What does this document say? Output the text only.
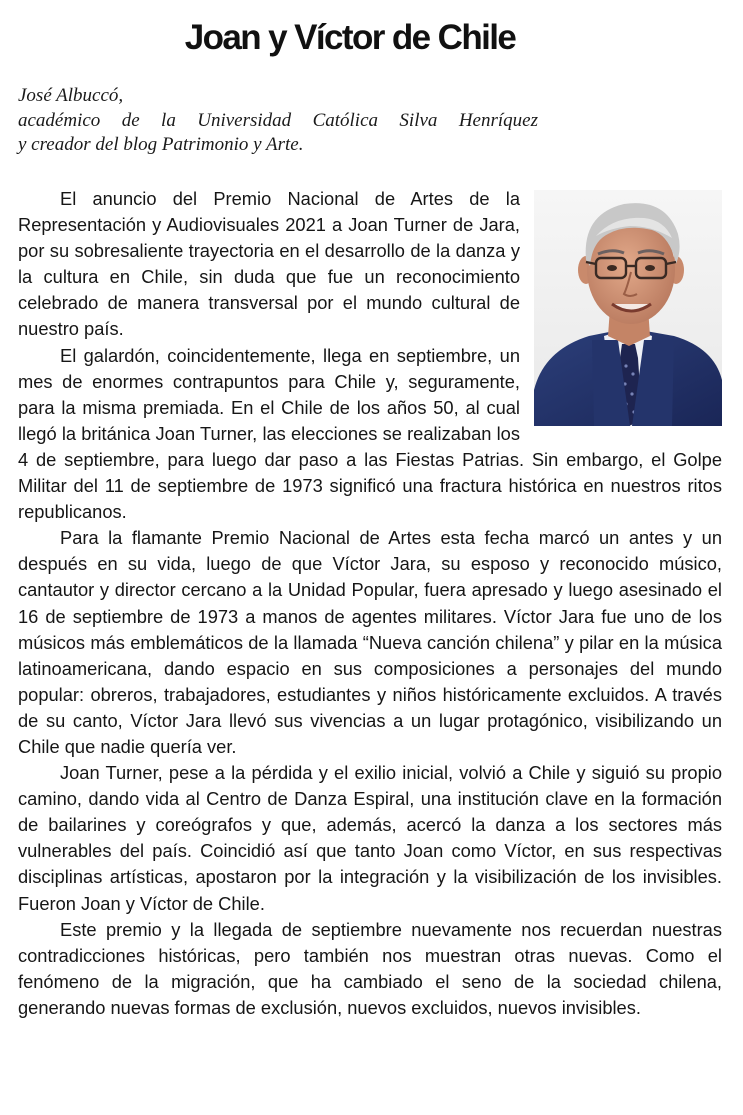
Joan y Víctor de Chile
José Albuccó,
académico de la Universidad Católica Silva Henríquez
y creador del blog Patrimonio y Arte.

El anuncio del Premio Nacional de Artes de la Representación y Audiovisuales 2021 a Joan Turner de Jara, por su sobresaliente trayectoria en el desarrollo de la danza y la cultura en Chile, sin duda que fue un reconocimiento celebrado de manera transversal por el mundo cultural de nuestro país.

El galardón, coincidentemente, llega en septiembre, un mes de enormes contrapuntos para Chile y, seguramente, para la misma premiada. En el Chile de los años 50, al cual llegó la británica Joan Turner, las elecciones se realizaban los 4 de septiembre, para luego dar paso a las Fiestas Patrias. Sin embargo, el Golpe Militar del 11 de septiembre de 1973 significó una fractura histórica en nuestros ritos republicanos.

Para la flamante Premio Nacional de Artes esta fecha marcó un antes y un después en su vida, luego de que Víctor Jara, su esposo y reconocido músico, cantautor y director cercano a la Unidad Popular, fuera apresado y luego asesinado el 16 de septiembre de 1973 a manos de agentes militares. Víctor Jara fue uno de los músicos más emblemáticos de la llamada “Nueva canción chilena” y pilar en la música latinoamericana, dando espacio en sus composiciones a personajes del mundo popular: obreros, trabajadores, estudiantes y niños históricamente excluidos. A través de su canto, Víctor Jara llevó sus vivencias a un lugar protagónico, visibilizando un Chile que nadie quería ver.

Joan Turner, pese a la pérdida y el exilio inicial, volvió a Chile y siguió su propio camino, dando vida al Centro de Danza Espiral, una institución clave en la formación de bailarines y coreógrafos y que, además, acercó la danza a los sectores más vulnerables del país. Coincidió así que tanto Joan como Víctor, en sus respectivas disciplinas artísticas, apostaron por la integración y la visibilización de los invisibles. Fueron Joan y Víctor de Chile.

Este premio y la llegada de septiembre nuevamente nos recuerdan nuestras contradicciones históricas, pero también nos muestran otras nuevas. Como el fenómeno de la migración, que ha cambiado el seno de la sociedad chilena, generando nuevas formas de exclusión, nuevos excluidos, nuevos invisibles.
